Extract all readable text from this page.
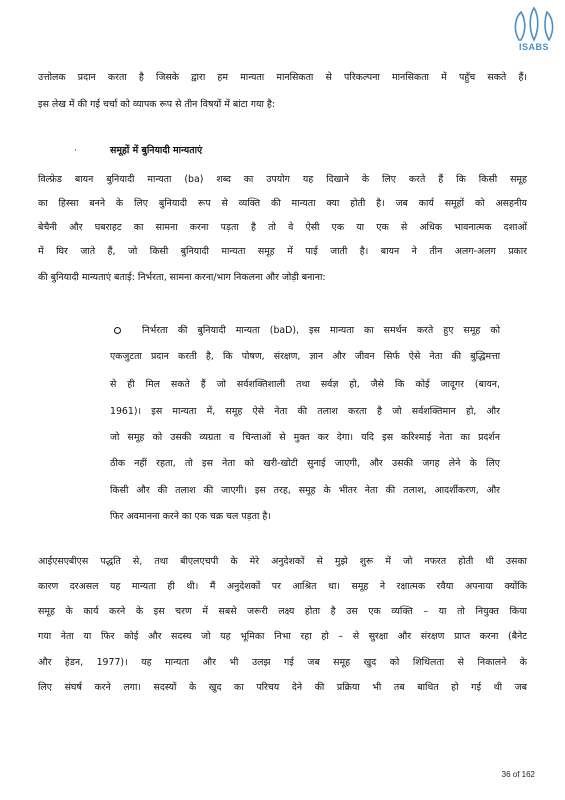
ISABS
उत्तोलक प्रदान करता है जिसके द्वारा हम मान्यता मानसिकता से परिकल्पना मानसिकता में पहुँच सकते हैं।
इस लेख में की गई चर्चा को व्यापक रूप से तीन विषयों में बांटा गया है:
·	समूहों में बुनियादी मान्यताएं
विल्फ्रेड बायन बुनियादी मान्यता (ba) शब्द का उपयोग यह दिखाने के लिए करते हैं कि किसी समूह
का हिस्सा बनने के लिए बुनियादी रूप से व्यक्ति की मान्यता क्या होती है। जब कार्य समूहों को असहनीय
बेचैनी और घबराहट का सामना करना पड़ता है तो वे ऐसी एक या एक से अधिक भावनात्मक दशाओं
में घिर जाते हैं, जो किसी बुनियादी मान्यता समूह में पाई जाती है। बायन ने तीन अलग-अलग प्रकार
की बुनियादी मान्यताएं बताई: निर्भरता, सामना करना/भाग निकलना और जोड़ी बनाना:
निर्भरता की बुनियादी मान्यता (baD), इस मान्यता का समर्थन करते हुए समूह को
एकजुटता प्रदान करती है, कि पोषण, संरक्षण, ज्ञान और जीवन सिर्फ ऐसे नेता की बुद्धिमत्ता
से ही मिल सकते हैं जो सर्वशक्तिशाली तथा सर्वज्ञ हो, जैसे कि कोई जादूगर (बायन,
1961)। इस मान्यता में, समूह ऐसे नेता की तलाश करता है जो सर्वशक्तिमान हो, और
जो समूह को उसकी व्यग्रता व चिन्ताओं से मुक्त कर देगा। यदि इस करिश्माई नेता का प्रदर्शन
ठीक नहीं रहता, तो इस नेता को खरी-खोटी सुनाई जाएगी, और उसकी जगह लेने के लिए
किसी और की तलाश की जाएगी। इस तरह, समूह के भीतर नेता की तलाश, आदर्शीकरण, और
फिर अवमानना करने का एक चक्र चल पड़ता है।
आईएसएबीएस पद्धति से, तथा बीएलएचपी के मेरे अनुदेशकों से मुझे शुरू में जो नफरत होती थी उसका
कारण दरअसल यह मान्यता ही थी। मैं अनुदेशकों पर आश्रित था। समूह ने रक्षात्मक रवैया अपनाया क्योंकि
समूह के कार्य करने के इस चरण में सबसे जरूरी लक्ष्य होता है उस एक व्यक्ति – या तो नियुक्त किया
गया नेता या फिर कोई और सदस्य जो यह भूमिका निभा रहा हो – से सुरक्षा और संरक्षण प्राप्त करना (बैनेट
और हेडन, 1977)। यह मान्यता और भी उलझ गई जब समूह खुद को शिथिलता से निकालने के
लिए संघर्ष करने लगा। सदस्यों के खुद का परिचय देने की प्रक्रिया भी तब बाधित हो गई थी जब
36 of 162
